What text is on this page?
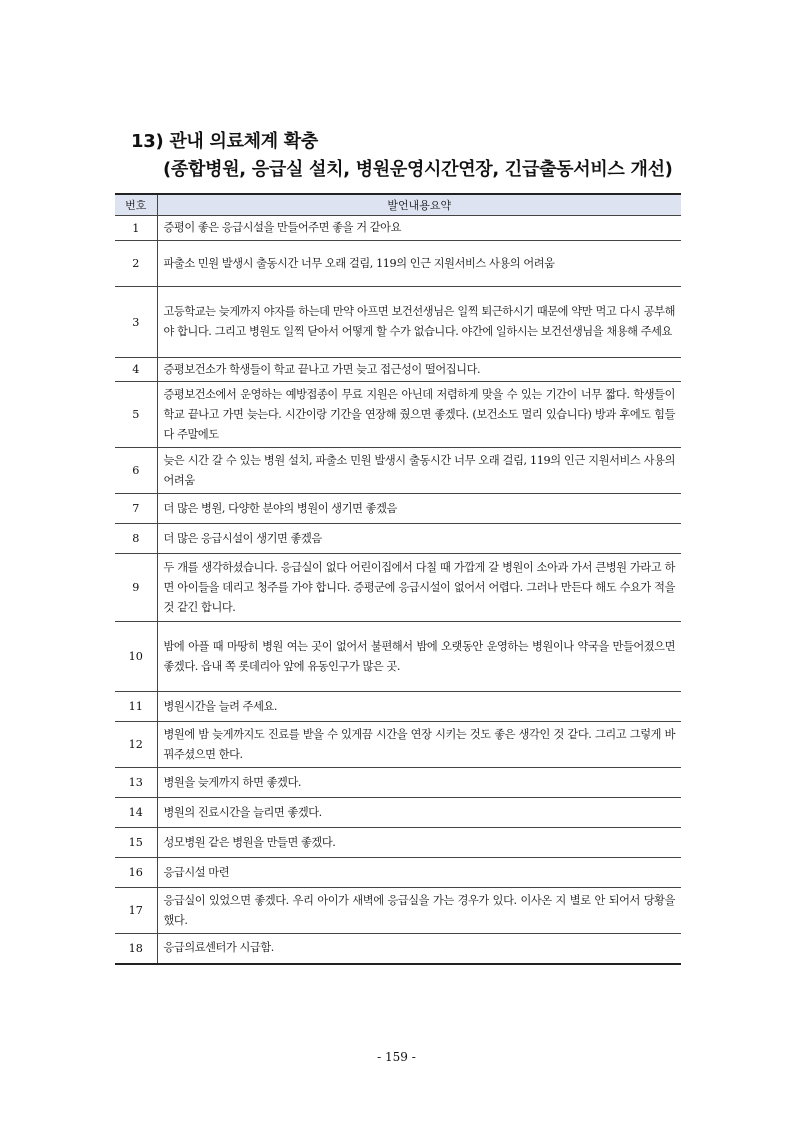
13) 관내 의료체계 확충
(종합병원, 응급실 설치, 병원운영시간연장, 긴급출동서비스 개선)
번호	발언내용요약
1	증평이 좋은 응급시설을 만들어주면 좋을 거 같아요
2	파출소 민원 발생시 출동시간 너무 오래 걸림, 119의 인근 지원서비스 사용의 어려움
3	고등학교는 늦게까지 야자를 하는데 만약 아프면 보건선생님은 일찍 퇴근하시기 때문에 약만 먹고 다시 공부해야 합니다. 그리고 병원도 일찍 닫아서 어떻게 할 수가 없습니다. 야간에 일하시는 보건선생님을 채용해 주세요
4	증평보건소가 학생들이 학교 끝나고 가면 늦고 접근성이 떨어집니다.
5	증평보건소에서 운영하는 예방접종이 무료 지원은 아닌데 저렴하게 맞을 수 있는 기간이 너무 짧다. 학생들이 학교 끝나고 가면 늦는다. 시간이랑 기간을 연장해 줬으면 좋겠다. (보건소도 멀리 있습니다) 방과 후에도 힘들다 주말에도
6	늦은 시간 갈 수 있는 병원 설치, 파출소 민원 발생시 출동시간 너무 오래 걸림, 119의 인근 지원서비스 사용의 어려움
7	더 많은 병원, 다양한 분야의 병원이 생기면 좋겠음
8	더 많은 응급시설이 생기면 좋겠음
9	두 개를 생각하셨습니다. 응급실이 없다 어린이집에서 다칠 때 가깝게 갈 병원이 소아과 가서 큰병원 가라고 하면 아이들을 데리고 청주를 가야 합니다. 증평군에 응급시설이 없어서 어렵다. 그러나 만든다 해도 수요가 적을 것 같긴 합니다.
10	밤에 아플 때 마땅히 병원 여는 곳이 없어서 불편해서 밤에 오랫동안 운영하는 병원이나 약국을 만들어졌으면 좋겠다. 읍내 쪽 롯데리아 앞에 유동인구가 많은 곳.
11	병원시간을 늘려 주세요.
12	병원에 밤 늦게까지도 진료를 받을 수 있게끔 시간을 연장 시키는 것도 좋은 생각인 것 같다. 그리고 그렇게 바꿔주셨으면 한다.
13	병원을 늦게까지 하면 좋겠다.
14	병원의 진료시간을 늘리면 좋겠다.
15	성모병원 같은 병원을 만들면 좋겠다.
16	응급시설 마련
17	응급실이 있었으면 좋겠다. 우리 아이가 새벽에 응급실을 가는 경우가 있다. 이사온 지 별로 안 되어서 당황을 했다.
18	응급의료센터가 시급함.
- 159 -
